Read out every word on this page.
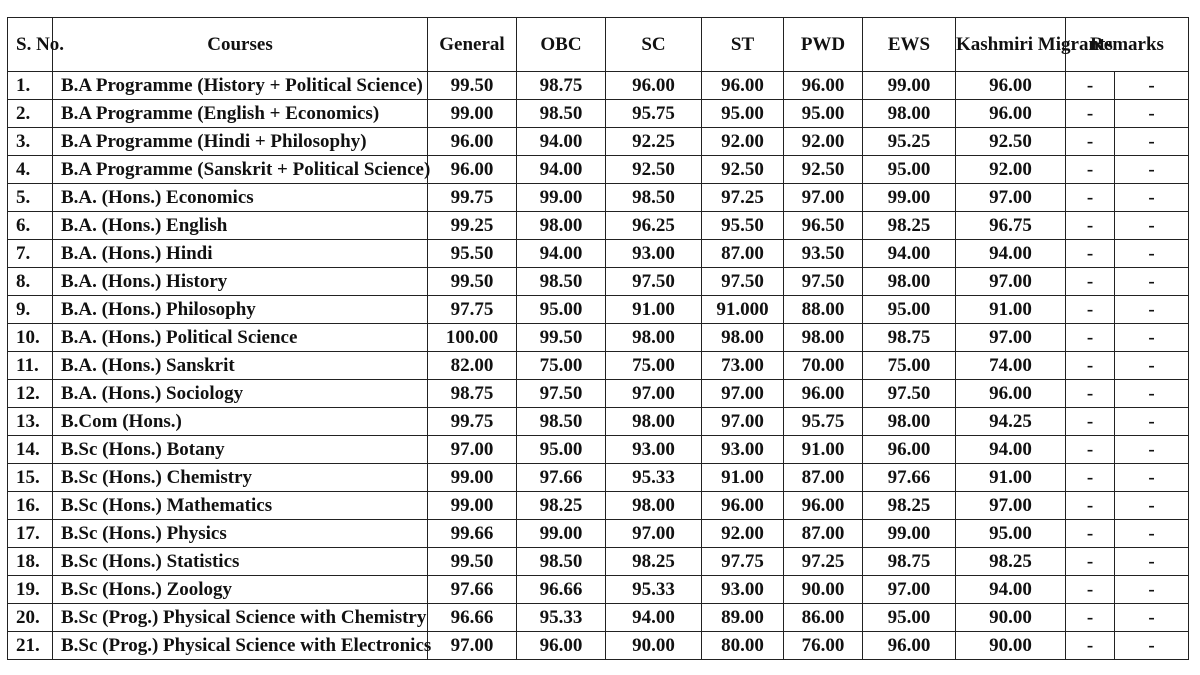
S. No.	Courses	General	OBC	SC	ST	PWD	EWS	Kashmiri Migrants	Remarks	
1.	B.A Programme (History + Political Science)	99.50	98.75	96.00	96.00	96.00	99.00	96.00	-	-
2.	B.A Programme (English + Economics)	99.00	98.50	95.75	95.00	95.00	98.00	96.00	-	-
3.	B.A Programme (Hindi + Philosophy)	96.00	94.00	92.25	92.00	92.00	95.25	92.50	-	-
4.	B.A Programme (Sanskrit + Political Science)	96.00	94.00	92.50	92.50	92.50	95.00	92.00	-	-
5.	B.A. (Hons.) Economics	99.75	99.00	98.50	97.25	97.00	99.00	97.00	-	-
6.	B.A. (Hons.) English	99.25	98.00	96.25	95.50	96.50	98.25	96.75	-	-
7.	B.A. (Hons.) Hindi	95.50	94.00	93.00	87.00	93.50	94.00	94.00	-	-
8.	B.A. (Hons.) History	99.50	98.50	97.50	97.50	97.50	98.00	97.00	-	-
9.	B.A. (Hons.) Philosophy	97.75	95.00	91.00	91.000	88.00	95.00	91.00	-	-
10.	B.A. (Hons.) Political Science	100.00	99.50	98.00	98.00	98.00	98.75	97.00	-	-
11.	B.A. (Hons.) Sanskrit	82.00	75.00	75.00	73.00	70.00	75.00	74.00	-	-
12.	B.A. (Hons.) Sociology	98.75	97.50	97.00	97.00	96.00	97.50	96.00	-	-
13.	B.Com (Hons.)	99.75	98.50	98.00	97.00	95.75	98.00	94.25	-	-
14.	B.Sc (Hons.) Botany	97.00	95.00	93.00	93.00	91.00	96.00	94.00	-	-
15.	B.Sc (Hons.) Chemistry	99.00	97.66	95.33	91.00	87.00	97.66	91.00	-	-
16.	B.Sc (Hons.) Mathematics	99.00	98.25	98.00	96.00	96.00	98.25	97.00	-	-
17.	B.Sc (Hons.) Physics	99.66	99.00	97.00	92.00	87.00	99.00	95.00	-	-
18.	B.Sc (Hons.) Statistics	99.50	98.50	98.25	97.75	97.25	98.75	98.25	-	-
19.	B.Sc (Hons.) Zoology	97.66	96.66	95.33	93.00	90.00	97.00	94.00	-	-
20.	B.Sc (Prog.) Physical Science with Chemistry	96.66	95.33	94.00	89.00	86.00	95.00	90.00	-	-
21.	B.Sc (Prog.) Physical Science with Electronics	97.00	96.00	90.00	80.00	76.00	96.00	90.00	-	-
